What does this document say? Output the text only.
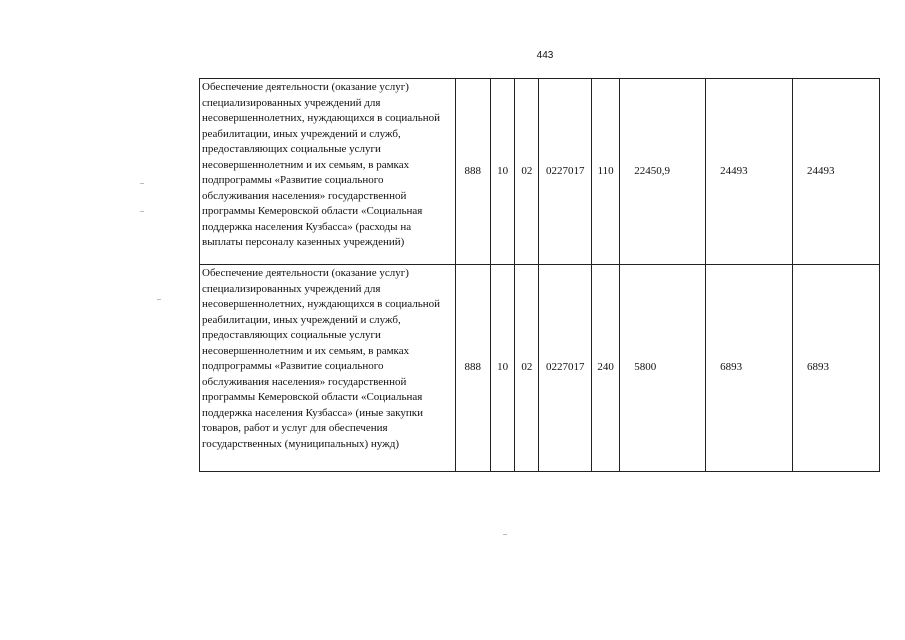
443
Обеспечение деятельности (оказание услуг) специализированных учреждений для несовершеннолетних, нуждающихся в социальной реабилитации, иных учреждений и служб, предоставляющих социальные услуги несовершеннолетним и их семьям, в рамках подпрограммы «Развитие социального обслуживания населения» государственной программы Кемеровской области «Социальная поддержка населения Кузбасса» (расходы на выплаты персоналу казенных учреждений)	888	10	02	0227017	110	22450,9	24493	24493
Обеспечение деятельности (оказание услуг) специализированных учреждений для несовершеннолетних, нуждающихся в социальной реабилитации, иных учреждений и служб, предоставляющих социальные услуги несовершеннолетним и их семьям, в рамках подпрограммы «Развитие социального обслуживания населения» государственной программы Кемеровской области «Социальная поддержка населения Кузбасса» (иные закупки товаров, работ и услуг для обеспечения государственных (муниципальных) нужд)	888	10	02	0227017	240	5800	6893	6893
